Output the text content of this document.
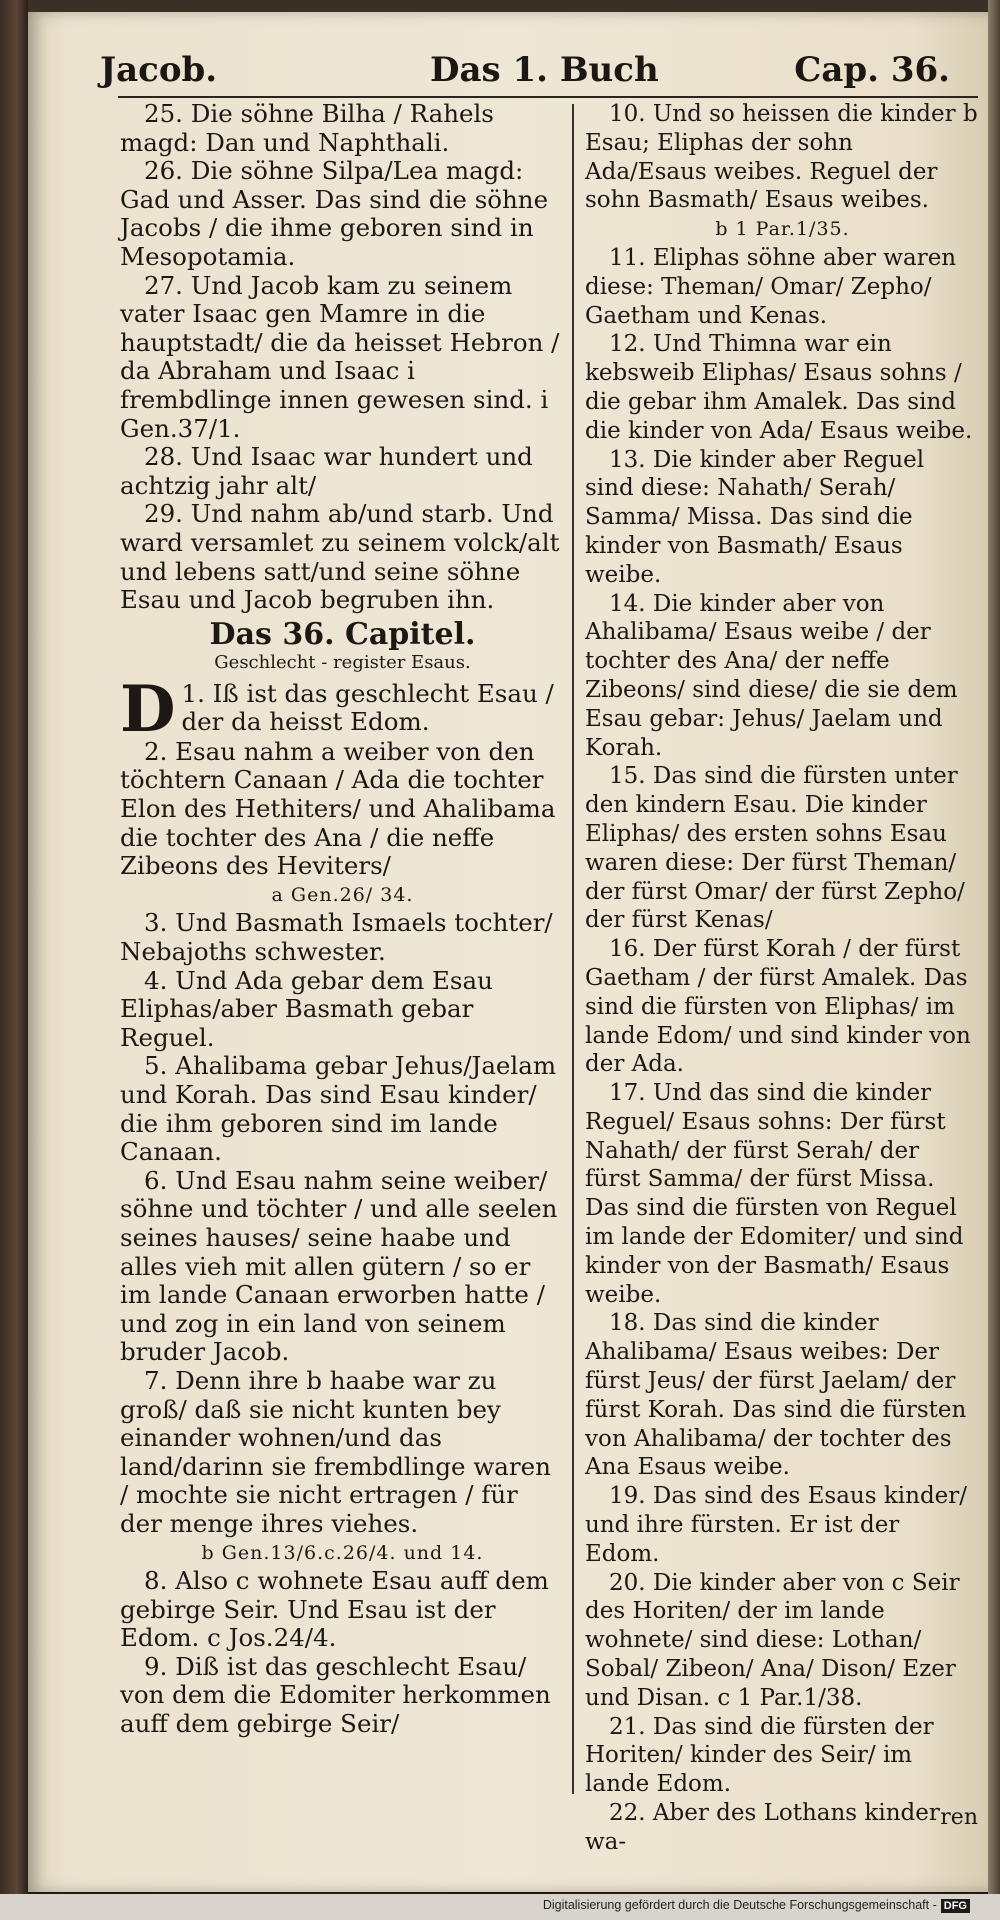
Jacob.	Das 1. Buch	Cap. 36.

25. Die söhne Bilha / Rahels magd: Dan und Naphthali.

26. Die söhne Silpa/Lea magd: Gad und Asser. Das sind die söhne Jacobs / die ihme geboren sind in Mesopotamia.

27. Und Jacob kam zu seinem vater Isaac gen Mamre in die hauptstadt/ die da heisset Hebron / da Abraham und Isaac i frembdlinge innen gewesen sind. i Gen.37/1.

28. Und Isaac war hundert und achtzig jahr alt/

29. Und nahm ab/und starb. Und ward versamlet zu seinem volck/alt und lebens satt/und seine söhne Esau und Jacob begruben ihn.

Das 36. Capitel.
Geschlecht - register Esaus.

D 1. Iß ist das geschlecht Esau / der da heisst Edom.

2. Esau nahm a weiber von den töchtern Canaan / Ada die tochter Elon des Hethiters/ und Ahalibama die tochter des Ana / die neffe Zibeons des Heviters/

a Gen.26/ 34.

3. Und Basmath Ismaels tochter/ Nebajoths schwester.

4. Und Ada gebar dem Esau Eliphas/aber Basmath gebar Reguel.

5. Ahalibama gebar Jehus/Jaelam und Korah. Das sind Esau kinder/ die ihm geboren sind im lande Canaan.

6. Und Esau nahm seine weiber/ söhne und töchter / und alle seelen seines hauses/ seine haabe und alles vieh mit allen gütern / so er im lande Canaan erworben hatte / und zog in ein land von seinem bruder Jacob.

7. Denn ihre b haabe war zu groß/ daß sie nicht kunten bey einander wohnen/und das land/darinn sie frembdlinge waren / mochte sie nicht ertragen / für der menge ihres viehes.

b Gen.13/6.c.26/4. und 14.

8. Also c wohnete Esau auff dem gebirge Seir. Und Esau ist der Edom. c Jos.24/4.

9. Diß ist das geschlecht Esau/ von dem die Edomiter herkommen auff dem gebirge Seir/

10. Und so heissen die kinder b Esau; Eliphas der sohn Ada/Esaus weibes. Reguel der sohn Basmath/ Esaus weibes.

b 1 Par.1/35.

11. Eliphas söhne aber waren diese: Theman/ Omar/ Zepho/ Gaetham und Kenas.

12. Und Thimna war ein kebsweib Eliphas/ Esaus sohns / die gebar ihm Amalek. Das sind die kinder von Ada/ Esaus weibe.

13. Die kinder aber Reguel sind diese: Nahath/ Serah/ Samma/ Missa. Das sind die kinder von Basmath/ Esaus weibe.

14. Die kinder aber von Ahalibama/ Esaus weibe / der tochter des Ana/ der neffe Zibeons/ sind diese/ die sie dem Esau gebar: Jehus/ Jaelam und Korah.

15. Das sind die fürsten unter den kindern Esau. Die kinder Eliphas/ des ersten sohns Esau waren diese: Der fürst Theman/ der fürst Omar/ der fürst Zepho/ der fürst Kenas/

16. Der fürst Korah / der fürst Gaetham / der fürst Amalek. Das sind die fürsten von Eliphas/ im lande Edom/ und sind kinder von der Ada.

17. Und das sind die kinder Reguel/ Esaus sohns: Der fürst Nahath/ der fürst Serah/ der fürst Samma/ der fürst Missa. Das sind die fürsten von Reguel im lande der Edomiter/ und sind kinder von der Basmath/ Esaus weibe.

18. Das sind die kinder Ahalibama/ Esaus weibes: Der fürst Jeus/ der fürst Jaelam/ der fürst Korah. Das sind die fürsten von Ahalibama/ der tochter des Ana Esaus weibe.

19. Das sind des Esaus kinder/ und ihre fürsten. Er ist der Edom.

20. Die kinder aber von c Seir des Horiten/ der im lande wohnete/ sind diese: Lothan/ Sobal/ Zibeon/ Ana/ Dison/ Ezer und Disan. c 1 Par.1/38.

21. Das sind die fürsten der Horiten/ kinder des Seir/ im lande Edom.

22. Aber des Lothans kinder wa-

ren
Digitalisierung gefördert durch die Deutsche Forschungsgemeinschaft - DFG
